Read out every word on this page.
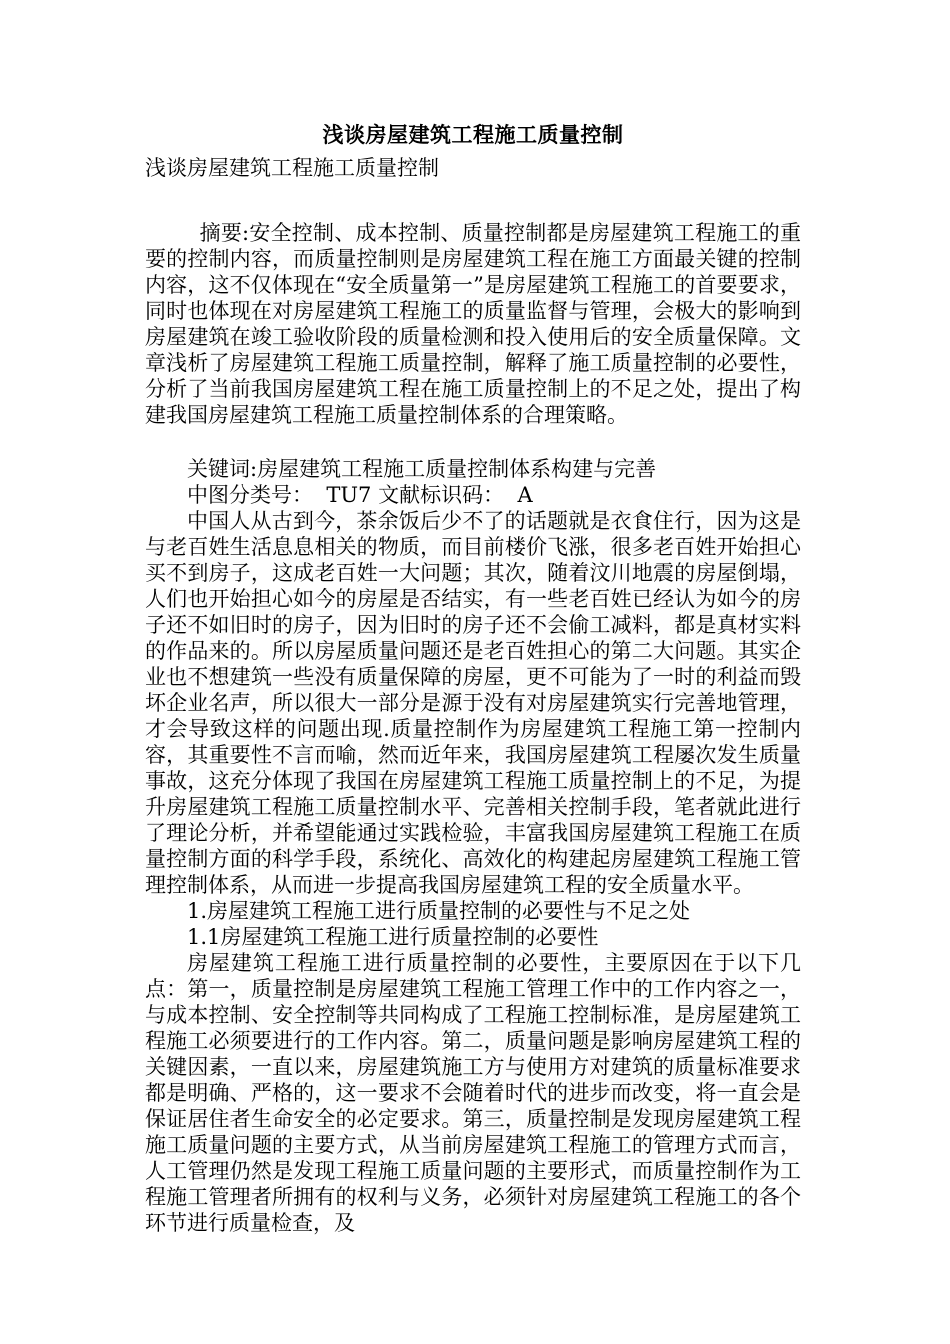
浅谈房屋建筑工程施工质量控制

浅谈房屋建筑工程施工质量控制

摘要:安全控制、成本控制、质量控制都是房屋建筑工程施工的重要的控制内容，而质量控制则是房屋建筑工程在施工方面最关键的控制内容，这不仅体现在“安全质量第一”是房屋建筑工程施工的首要要求，同时也体现在对房屋建筑工程施工的质量监督与管理，会极大的影响到房屋建筑在竣工验收阶段的质量检测和投入使用后的安全质量保障。文章浅析了房屋建筑工程施工质量控制，解释了施工质量控制的必要性，分析了当前我国房屋建筑工程在施工质量控制上的不足之处，提出了构建我国房屋建筑工程施工质量控制体系的合理策略。

关键词:房屋建筑工程施工质量控制体系构建与完善

中图分类号：  TU7 文献标识码：  A

中国人从古到今，茶余饭后少不了的话题就是衣食住行，因为这是与老百姓生活息息相关的物质，而目前楼价飞涨，很多老百姓开始担心买不到房子，这成老百姓一大问题；其次，随着汶川地震的房屋倒塌，人们也开始担心如今的房屋是否结实，有一些老百姓已经认为如今的房子还不如旧时的房子，因为旧时的房子还不会偷工减料，都是真材实料的作品来的。所以房屋质量问题还是老百姓担心的第二大问题。其实企业也不想建筑一些没有质量保障的房屋，更不可能为了一时的利益而毁坏企业名声，所以很大一部分是源于没有对房屋建筑实行完善地管理，才会导致这样的问题出现.质量控制作为房屋建筑工程施工第一控制内容，其重要性不言而喻，然而近年来，我国房屋建筑工程屡次发生质量事故，这充分体现了我国在房屋建筑工程施工质量控制上的不足，为提升房屋建筑工程施工质量控制水平、完善相关控制手段，笔者就此进行了理论分析，并希望能通过实践检验，丰富我国房屋建筑工程施工在质量控制方面的科学手段，系统化、高效化的构建起房屋建筑工程施工管理控制体系，从而进一步提高我国房屋建筑工程的安全质量水平。

1.房屋建筑工程施工进行质量控制的必要性与不足之处

1.1房屋建筑工程施工进行质量控制的必要性

房屋建筑工程施工进行质量控制的必要性，主要原因在于以下几点：第一，质量控制是房屋建筑工程施工管理工作中的工作内容之一，与成本控制、安全控制等共同构成了工程施工控制标准，是房屋建筑工程施工必须要进行的工作内容。第二，质量问题是影响房屋建筑工程的关键因素，一直以来，房屋建筑施工方与使用方对建筑的质量标准要求都是明确、严格的，这一要求不会随着时代的进步而改变，将一直会是保证居住者生命安全的必定要求。第三，质量控制是发现房屋建筑工程施工质量问题的主要方式，从当前房屋建筑工程施工的管理方式而言，人工管理仍然是发现工程施工质量问题的主要形式，而质量控制作为工程施工管理者所拥有的权利与义务，必须针对房屋建筑工程施工的各个环节进行质量检查，及
